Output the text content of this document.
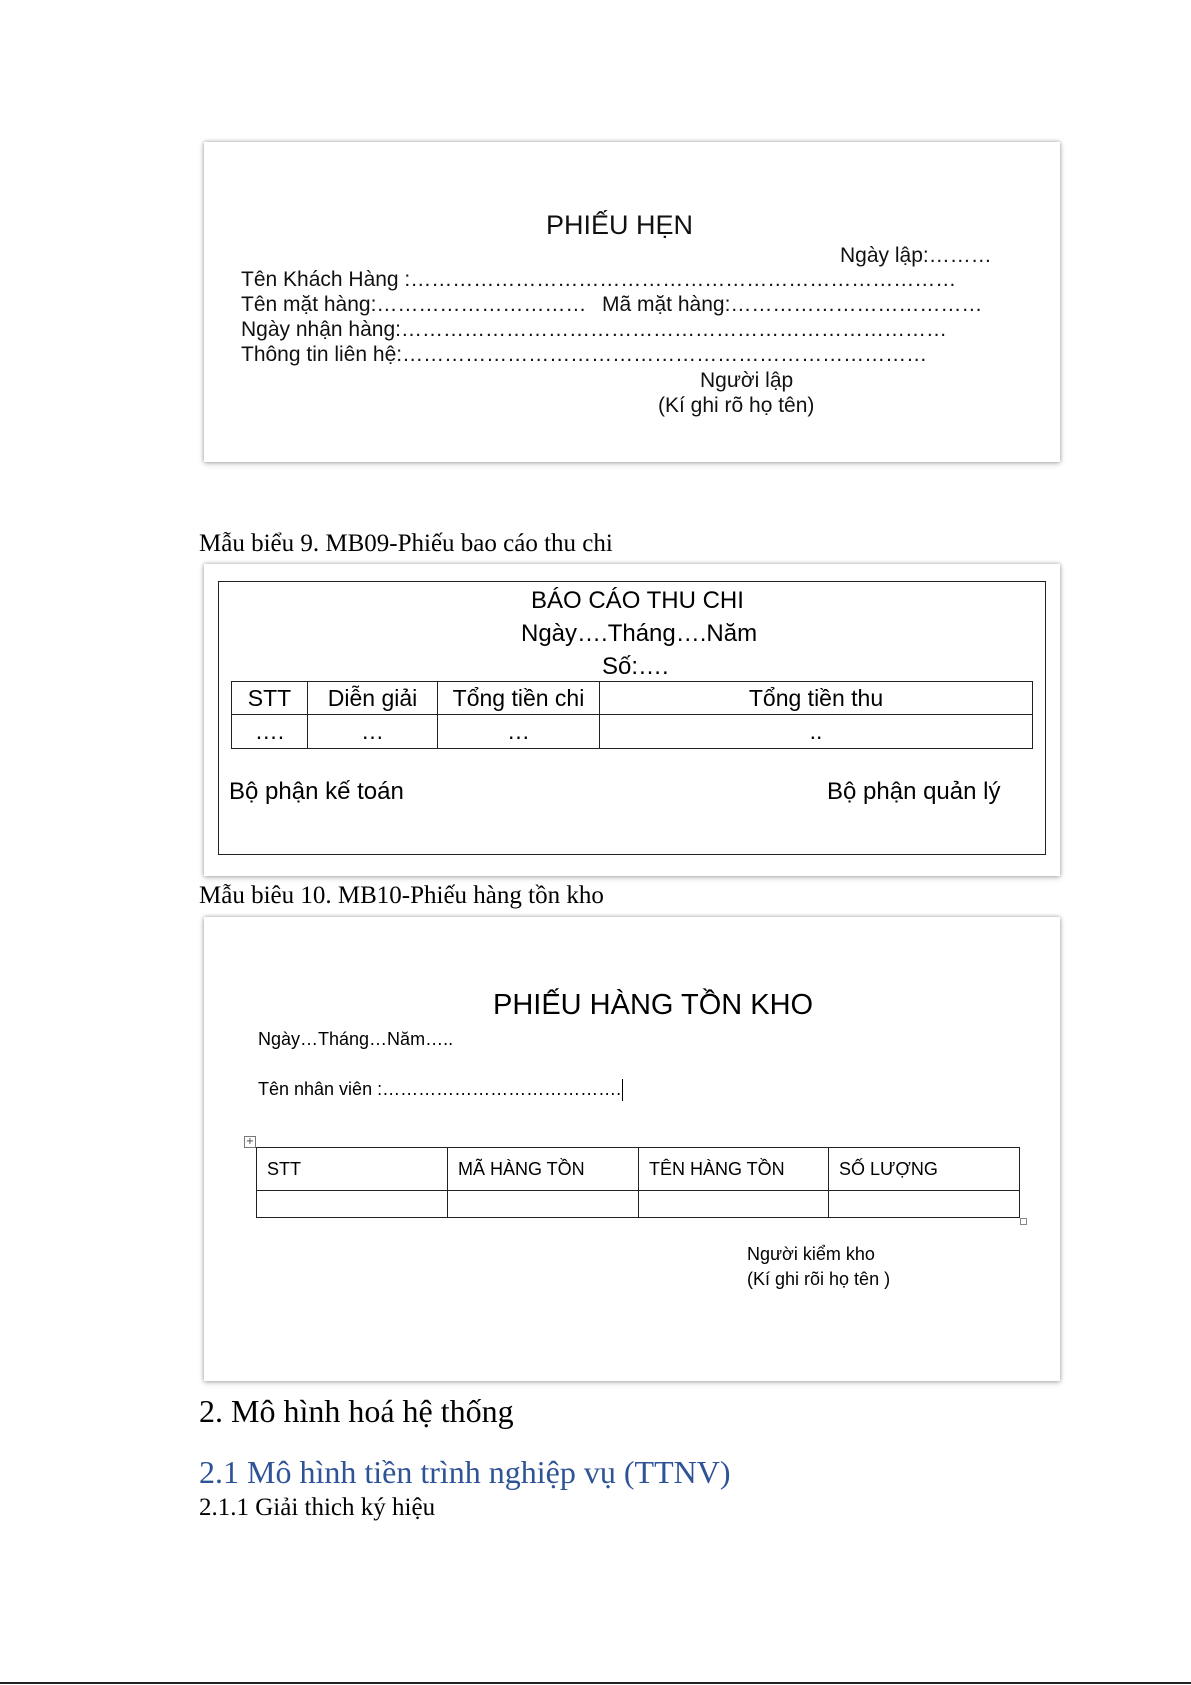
PHIẾU HẸN
Ngày lập:………
Tên Khách Hàng :……………………………………………………………………
Tên mặt hàng:………………………… Mã mặt hàng:………………………………
Ngày nhận hàng:……………………………………………………………………
Thông tin liên hệ:…………………………………………………………………
Người lập
(Kí ghi rõ họ tên)
Mẫu biểu 9. MB09-Phiếu bao cáo thu chi
BÁO CÁO THU CHI
Ngày….Tháng….Năm
Số:….
STT	Diễn giải	Tổng tiền chi	Tổng tiền thu
….	…	…	..
Bộ phận kế toán	Bộ phận quản lý
Mẫu biêu 10. MB10-Phiếu hàng tồn kho
PHIẾU HÀNG TỒN KHO
Ngày…Tháng…Năm…..
Tên nhân viên :………………………………….
+
STT	MÃ HÀNG TỒN	TÊN HÀNG TỒN	SỐ LƯỢNG

Người kiểm kho
(Kí ghi rõi họ tên )
2. Mô hình hoá hệ thống
2.1 Mô hình tiền trình nghiệp vụ (TTNV)
2.1.1 Giải thich ký hiệu
